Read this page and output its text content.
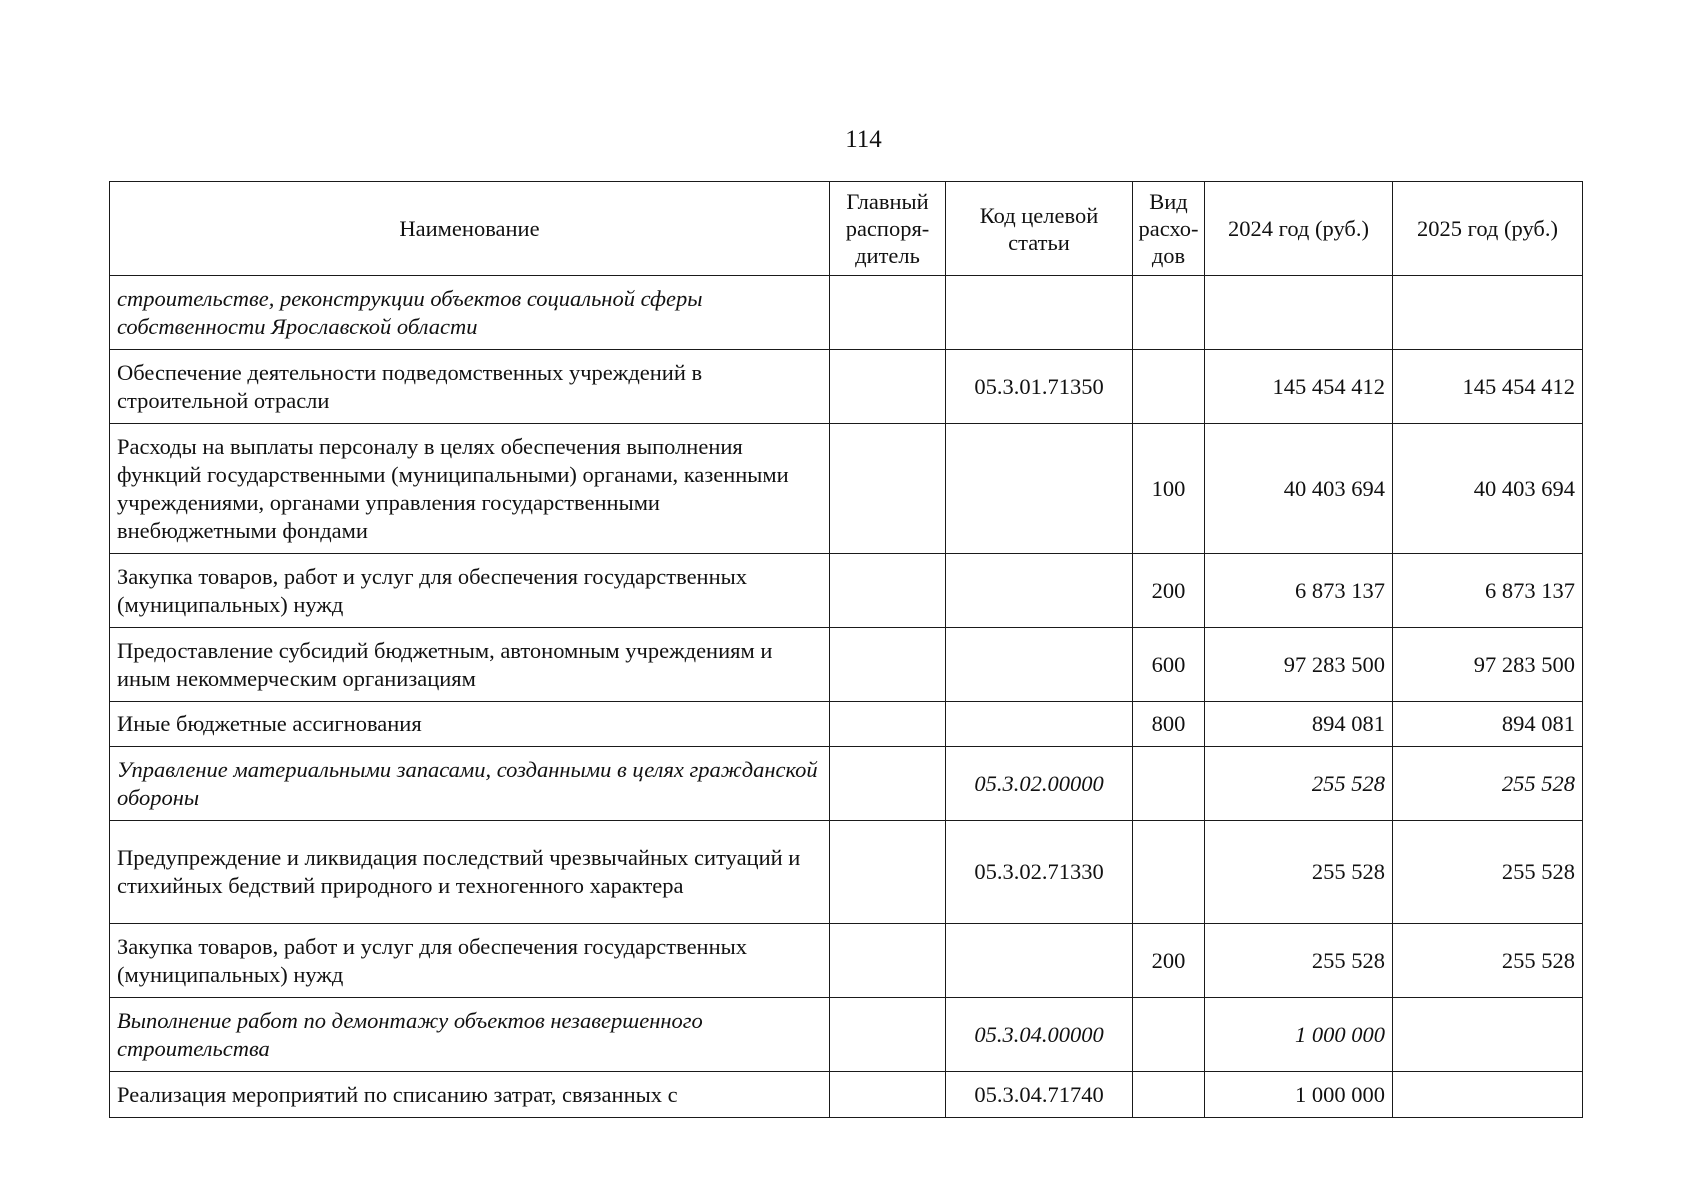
114
Наименование	Главный распоря-дитель	Код целевой статьи	Вид расхо-дов	2024 год (руб.)	2025 год (руб.)
строительстве, реконструкции объектов социальной сферы собственности Ярославской области					
Обеспечение деятельности подведомственных учреждений в строительной отрасли		05.3.01.71350		145 454 412	145 454 412
Расходы на выплаты персоналу в целях обеспечения выполнения функций государственными (муниципальными) органами, казенными учреждениями, органами управления государственными внебюджетными фондами			100	40 403 694	40 403 694
Закупка товаров, работ и услуг для обеспечения государственных (муниципальных) нужд			200	6 873 137	6 873 137
Предоставление субсидий бюджетным, автономным учреждениям и иным некоммерческим организациям			600	97 283 500	97 283 500
Иные бюджетные ассигнования			800	894 081	894 081
Управление материальными запасами, созданными в целях гражданской обороны		05.3.02.00000		255 528	255 528
Предупреждение и ликвидация последствий чрезвычайных ситуаций и стихийных бедствий природного и техногенного характера		05.3.02.71330		255 528	255 528
Закупка товаров, работ и услуг для обеспечения государственных (муниципальных) нужд			200	255 528	255 528
Выполнение работ по демонтажу объектов незавершенного строительства		05.3.04.00000		1 000 000	
Реализация мероприятий по списанию затрат, связанных с		05.3.04.71740		1 000 000	
